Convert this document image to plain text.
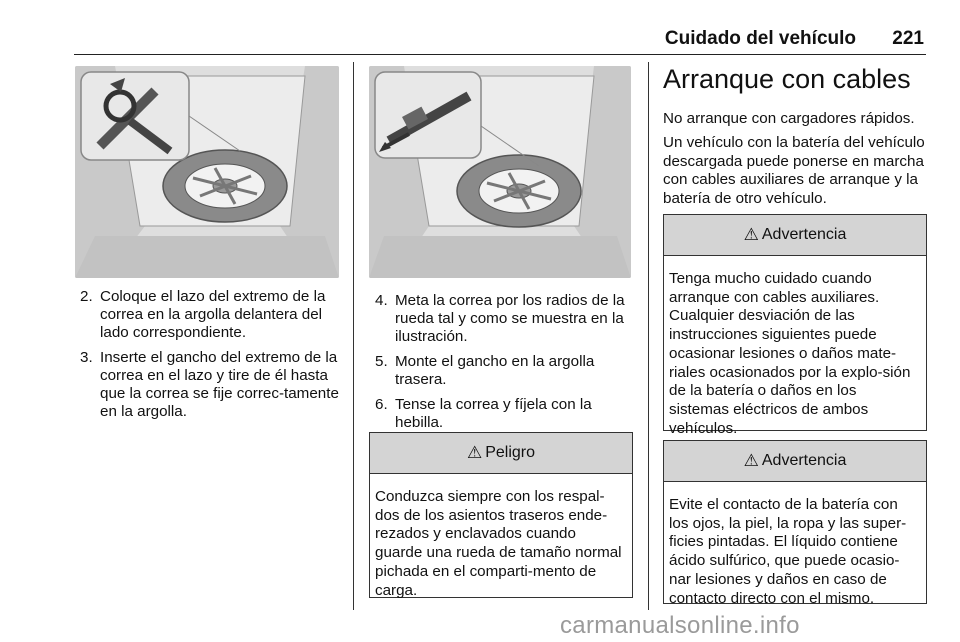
Cuidado del vehículo 221
2. Coloque el lazo del extremo de la correa en la argolla delantera del lado correspondiente.
3. Inserte el gancho del extremo de la correa en el lazo y tire de él hasta que la correa se fije correc-tamente en la argolla.
4. Meta la correa por los radios de la rueda tal y como se muestra en la ilustración.
5. Monte el gancho en la argolla trasera.
6. Tense la correa y fíjela con la hebilla.
⚠ Peligro
Conduzca siempre con los respal-dos de los asientos traseros ende-rezados y enclavados cuando guarde una rueda de tamaño normal pichada en el comparti-mento de carga.
Arranque con cables
No arranque con cargadores rápidos.
Un vehículo con la batería del vehículo descargada puede ponerse en marcha con cables auxiliares de arranque y la batería de otro vehículo.
⚠ Advertencia
Tenga mucho cuidado cuando arranque con cables auxiliares. Cualquier desviación de las instrucciones siguientes puede ocasionar lesiones o daños mate-riales ocasionados por la explo-sión de la batería o daños en los sistemas eléctricos de ambos vehículos.
⚠ Advertencia
Evite el contacto de la batería con los ojos, la piel, la ropa y las super-ficies pintadas. El líquido contiene ácido sulfúrico, que puede ocasio-nar lesiones y daños en caso de contacto directo con el mismo.
carmanualsonline.info
